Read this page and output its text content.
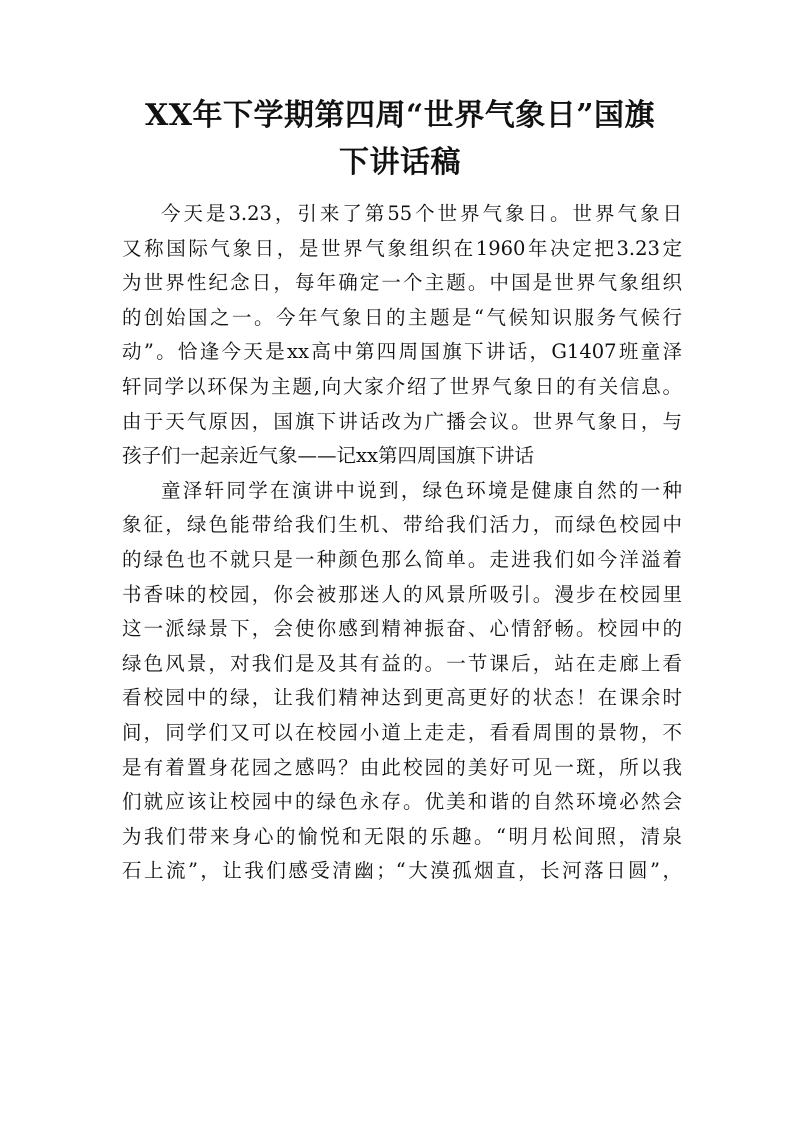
XX年下学期第四周“世界气象日”国旗
下讲话稿
今天是3.23，引来了第55个世界气象日。世界气象日
又称国际气象日，是世界气象组织在1960年决定把3.23定
为世界性纪念日，每年确定一个主题。中国是世界气象组织
的创始国之一。今年气象日的主题是“气候知识服务气候行
动”。恰逢今天是xx高中第四周国旗下讲话，G1407班童泽
轩同学以环保为主题,向大家介绍了世界气象日的有关信息。
由于天气原因，国旗下讲话改为广播会议。世界气象日，与
孩子们一起亲近气象——记xx第四周国旗下讲话
童泽轩同学在演讲中说到，绿色环境是健康自然的一种
象征，绿色能带给我们生机、带给我们活力，而绿色校园中
的绿色也不就只是一种颜色那么简单。走进我们如今洋溢着
书香味的校园，你会被那迷人的风景所吸引。漫步在校园里
这一派绿景下，会使你感到精神振奋、心情舒畅。校园中的
绿色风景，对我们是及其有益的。一节课后，站在走廊上看
看校园中的绿，让我们精神达到更高更好的状态！在课余时
间，同学们又可以在校园小道上走走，看看周围的景物，不
是有着置身花园之感吗？由此校园的美好可见一斑，所以我
们就应该让校园中的绿色永存。优美和谐的自然环境必然会
为我们带来身心的愉悦和无限的乐趣。“明月松间照，清泉
石上流”，让我们感受清幽；“大漠孤烟直，长河落日圆”，
